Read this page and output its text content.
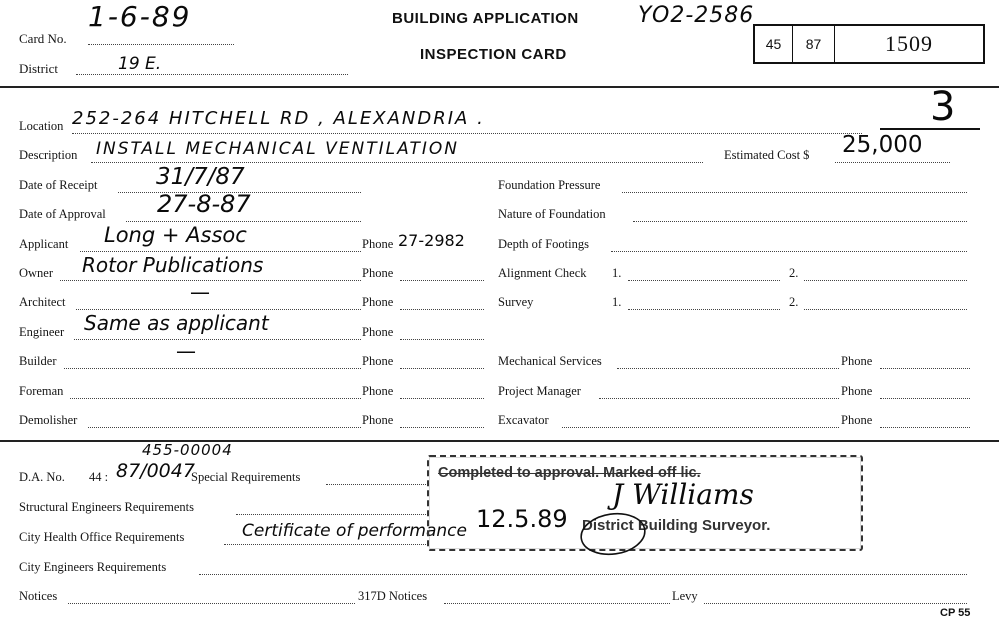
1-6-89
Card No.
District	19 E.
BUILDING APPLICATION
INSPECTION CARD
YO2-2586
45	87	1509
3
Location 252-264 HITCHELL RD , ALEXANDRIA .
Description INSTALL MECHANICAL VENTILATION	Estimated Cost $ 25,000
Date of Receipt	31/7/87
Date of Approval 27-8-87
Applicant Long + Assoc	Phone 27-2982
Owner Rotor Publications	Phone
Architect	—	Phone
Engineer Same as applicant	Phone
Builder	—	Phone
Foreman	Phone
Demolisher	Phone
Foundation Pressure
Nature of Foundation
Depth of Footings
Alignment Check 1.	2.
Survey	1.	2.
Mechanical Services	Phone
Project Manager	Phone
Excavator	Phone
455-00004
D.A. No. 44 : 87/0047
Special Requirements
Structural Engineers Requirements
City Health Office Requirements	Certificate of performance
City Engineers Requirements
Notices	317D Notices	Levy
CP 55
Completed to approval. Marked off lic.
District Building Surveyor.
12.5.89
J Williams
